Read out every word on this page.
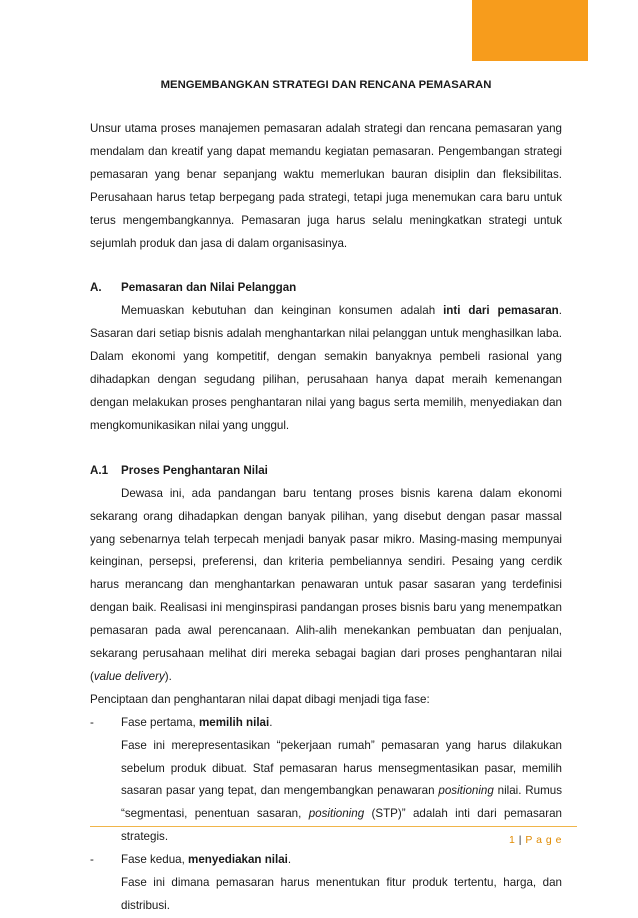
MENGEMBANGKAN STRATEGI DAN RENCANA PEMASARAN

Unsur utama proses manajemen pemasaran adalah strategi dan rencana pemasaran yang mendalam dan kreatif yang dapat memandu kegiatan pemasaran. Pengembangan strategi pemasaran yang benar sepanjang waktu memerlukan bauran disiplin dan fleksibilitas. Perusahaan harus tetap berpegang pada strategi, tetapi juga menemukan cara baru untuk terus mengembangkannya. Pemasaran juga harus selalu meningkatkan strategi untuk sejumlah produk dan jasa di dalam organisasinya.

A.	Pemasaran dan Nilai Pelanggan

Memuaskan kebutuhan dan keinginan konsumen adalah inti dari pemasaran. Sasaran dari setiap bisnis adalah menghantarkan nilai pelanggan untuk menghasilkan laba. Dalam ekonomi yang kompetitif, dengan semakin banyaknya pembeli rasional yang dihadapkan dengan segudang pilihan, perusahaan hanya dapat meraih kemenangan dengan melakukan proses penghantaran nilai yang bagus serta memilih, menyediakan dan mengkomunikasikan nilai yang unggul.

A.1	Proses Penghantaran Nilai

Dewasa ini, ada pandangan baru tentang proses bisnis karena dalam ekonomi sekarang orang dihadapkan dengan banyak pilihan, yang disebut dengan pasar massal yang sebenarnya telah terpecah menjadi banyak pasar mikro. Masing-masing mempunyai keinginan, persepsi, preferensi, dan kriteria pembeliannya sendiri. Pesaing yang cerdik harus merancang dan menghantarkan penawaran untuk pasar sasaran yang terdefinisi dengan baik. Realisasi ini menginspirasi pandangan proses bisnis baru yang menempatkan pemasaran pada awal perencanaan. Alih-alih menekankan pembuatan dan penjualan, sekarang perusahaan melihat diri mereka sebagai bagian dari proses penghantaran nilai (value delivery).

Penciptaan dan penghantaran nilai dapat dibagi menjadi tiga fase:

-	Fase pertama, memilih nilai.

Fase ini merepresentasikan “pekerjaan rumah” pemasaran yang harus dilakukan sebelum produk dibuat. Staf pemasaran harus mensegmentasikan pasar, memilih sasaran pasar yang tepat, dan mengembangkan penawaran positioning nilai. Rumus “segmentasi, penentuan sasaran, positioning (STP)” adalah inti dari pemasaran strategis.

-	Fase kedua, menyediakan nilai.

Fase ini dimana pemasaran harus menentukan fitur produk tertentu, harga, dan distribusi.

1 | P a g e
